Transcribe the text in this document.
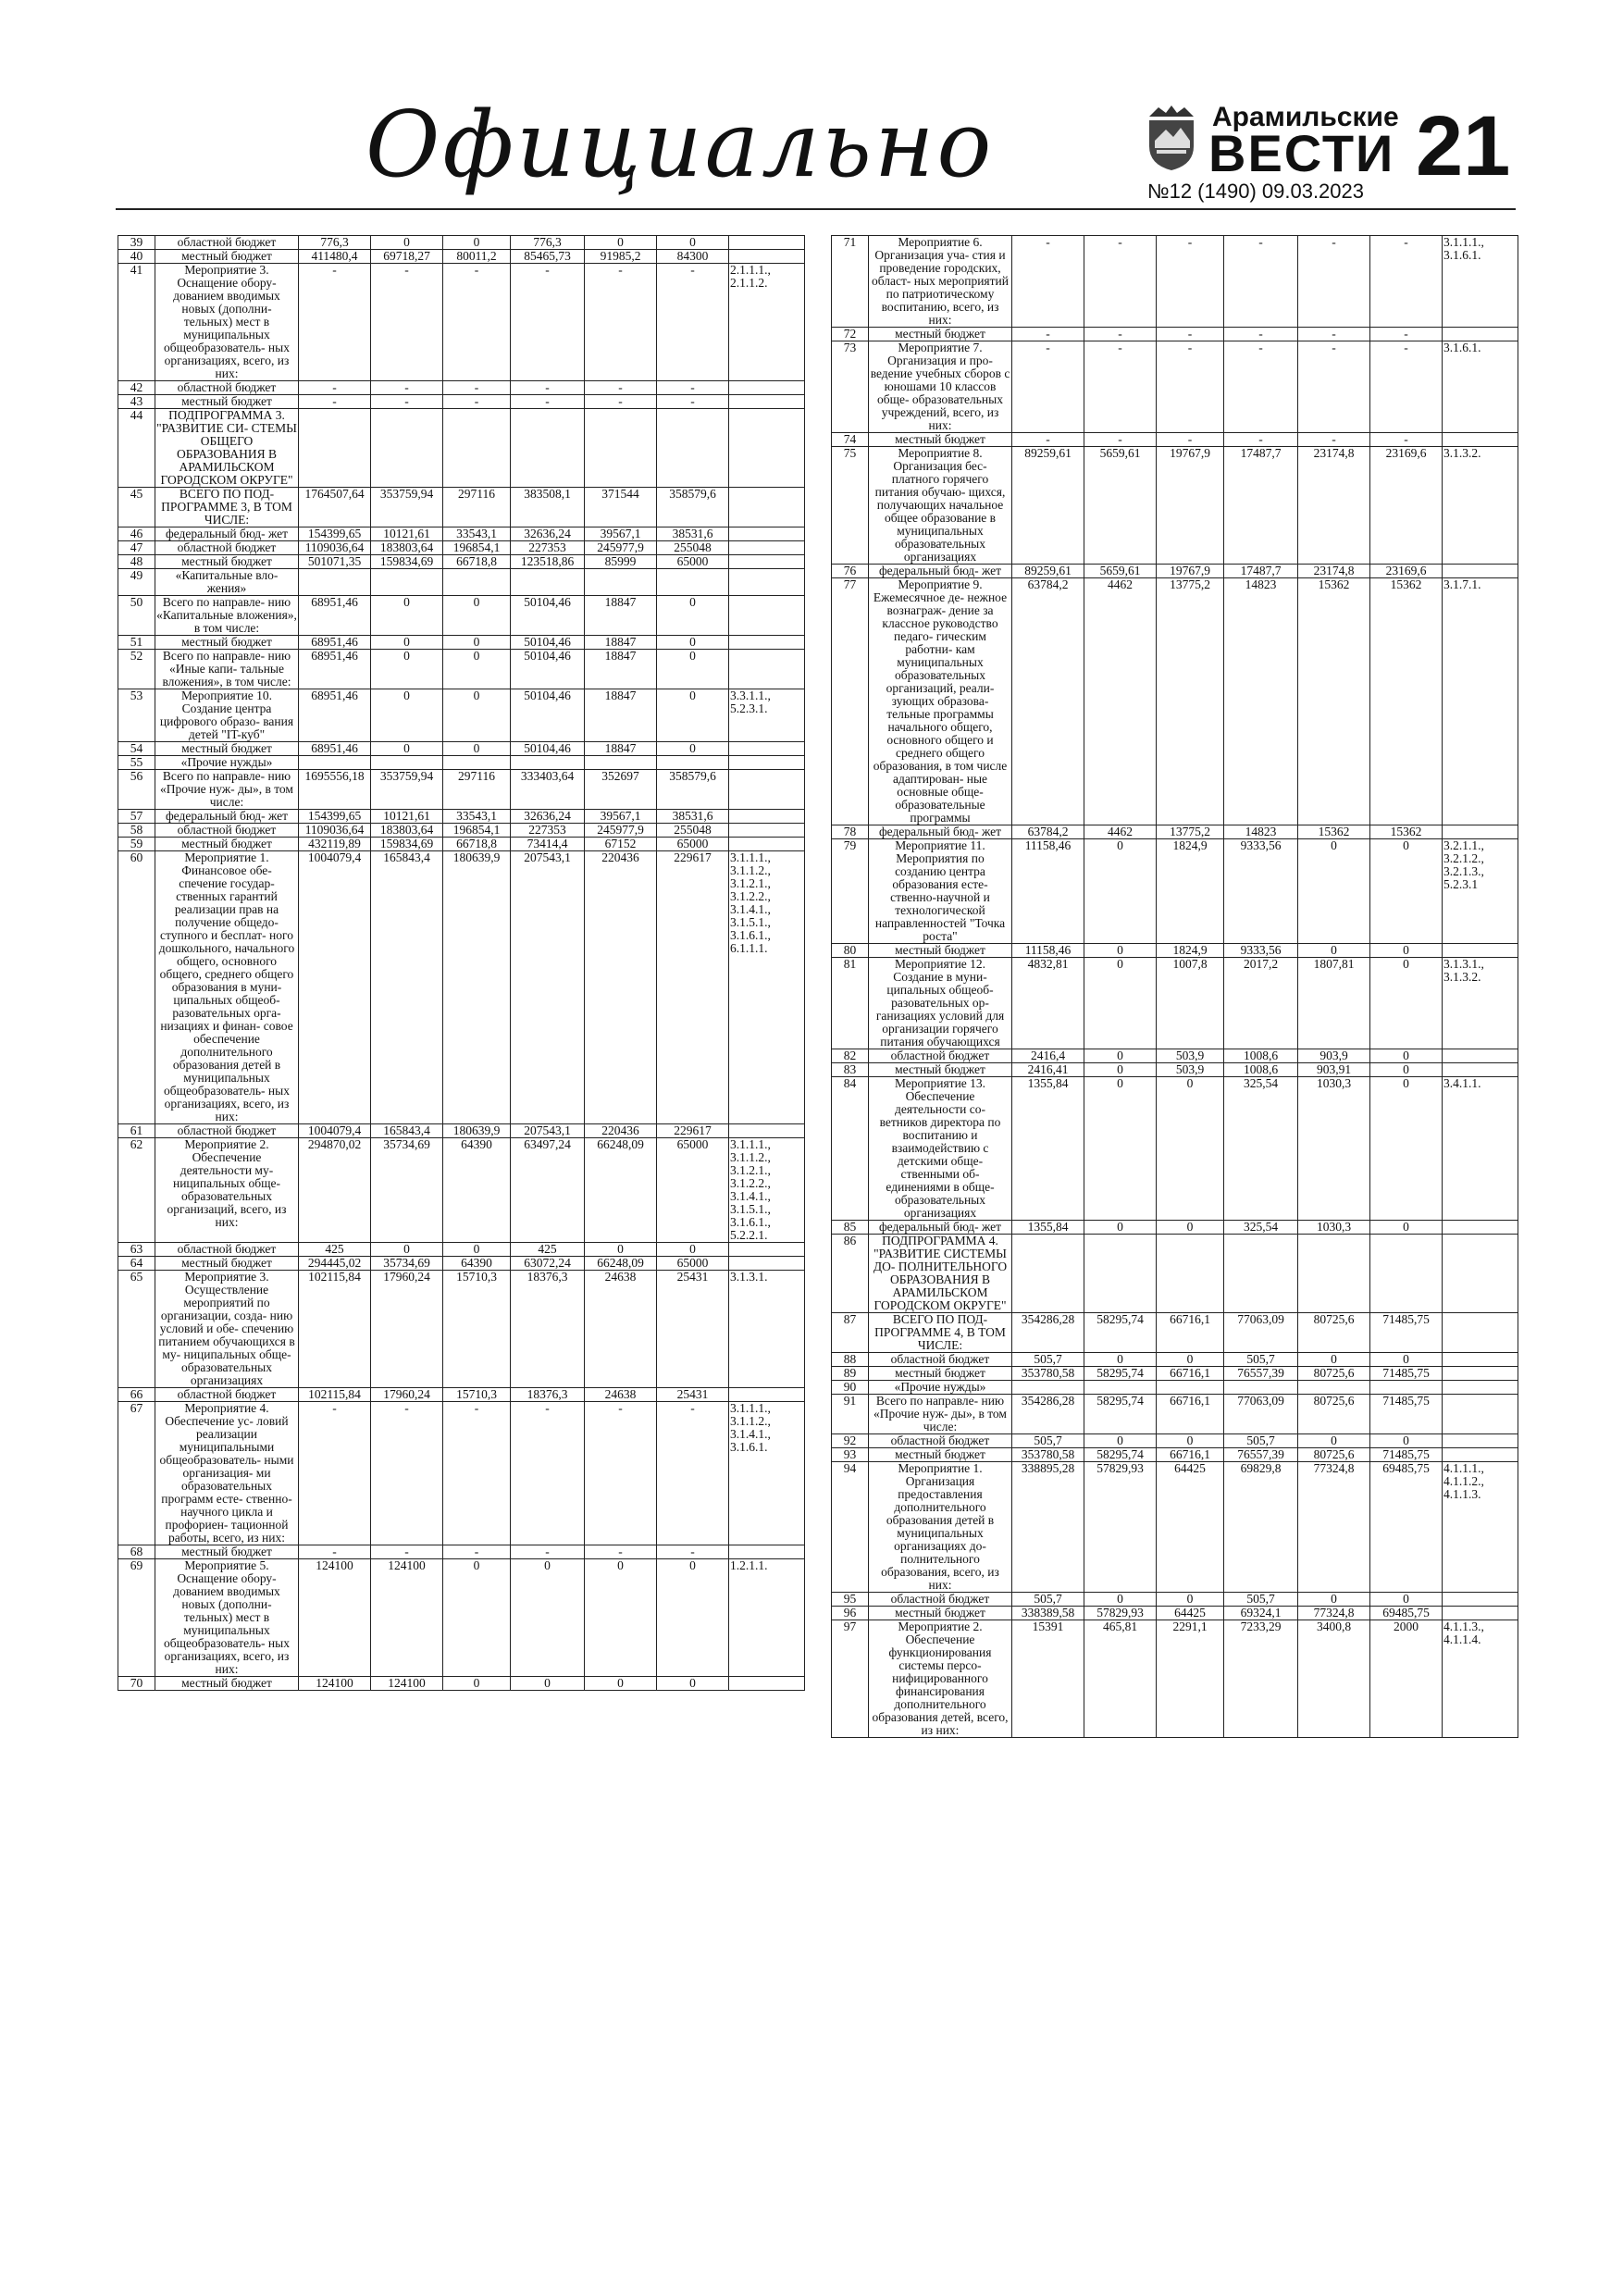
Официально	Арамильские
ВЕСТИ
№12 (1490) 09.03.2023 21
39	областной бюджет	776,3	0	0	776,3	0	0	
40	местный бюджет	411480,4	69718,27	80011,2	85465,73	91985,2	84300	
41	Мероприятие 3. Оснащение обору- дованием вводимых новых (дополни- тельных) мест в муниципальных общеобразователь- ных организациях, всего, из них:	-	-	-	-	-	-	2.1.1.1., 2.1.1.2.
42	областной бюджет	-	-	-	-	-	-	
43	местный бюджет	-	-	-	-	-	-	
44	ПОДПРОГРАММА 3. "РАЗВИТИЕ СИ- СТЕМЫ ОБЩЕГО ОБРАЗОВАНИЯ В АРАМИЛЬСКОМ ГОРОДСКОМ ОКРУГЕ"							
45	ВСЕГО ПО ПОД- ПРОГРАММЕ 3, В ТОМ ЧИСЛЕ:	1764507,64	353759,94	297116	383508,1	371544	358579,6	
46	федеральный бюд- жет	154399,65	10121,61	33543,1	32636,24	39567,1	38531,6	
47	областной бюджет	1109036,64	183803,64	196854,1	227353	245977,9	255048	
48	местный бюджет	501071,35	159834,69	66718,8	123518,86	85999	65000	
49	«Капитальные вло- жения»							
50	Всего по направле- нию «Капитальные вложения», в том числе:	68951,46	0	0	50104,46	18847	0	
51	местный бюджет	68951,46	0	0	50104,46	18847	0	
52	Всего по направле- нию «Иные капи- тальные вложения», в том числе:	68951,46	0	0	50104,46	18847	0	
53	Мероприятие 10. Создание центра цифрового образо- вания детей "IT-куб"	68951,46	0	0	50104,46	18847	0	3.3.1.1., 5.2.3.1.
54	местный бюджет	68951,46	0	0	50104,46	18847	0	
55	«Прочие нужды»							
56	Всего по направле- нию «Прочие нуж- ды», в том числе:	1695556,18	353759,94	297116	333403,64	352697	358579,6	
57	федеральный бюд- жет	154399,65	10121,61	33543,1	32636,24	39567,1	38531,6	
58	областной бюджет	1109036,64	183803,64	196854,1	227353	245977,9	255048	
59	местный бюджет	432119,89	159834,69	66718,8	73414,4	67152	65000	
60	Мероприятие 1. Финансовое обе- спечение государ- ственных гарантий реализации прав на получение общедо- ступного и бесплат- ного дошкольного, начального общего, основного общего, среднего общего образования в муни- ципальных общеоб- разовательных орга- низациях и финан- совое обеспечение дополнительного образования детей в муниципальных общеобразователь- ных организациях, всего, из них:	1004079,4	165843,4	180639,9	207543,1	220436	229617	3.1.1.1., 3.1.1.2., 3.1.2.1., 3.1.2.2., 3.1.4.1., 3.1.5.1., 3.1.6.1., 6.1.1.1.
61	областной бюджет	1004079,4	165843,4	180639,9	207543,1	220436	229617	
62	Мероприятие 2. Обеспечение деятельности му- ниципальных обще- образовательных организаций, всего, из них:	294870,02	35734,69	64390	63497,24	66248,09	65000	3.1.1.1., 3.1.1.2., 3.1.2.1., 3.1.2.2., 3.1.4.1., 3.1.5.1., 3.1.6.1., 5.2.2.1.
63	областной бюджет	425	0	0	425	0	0	
64	местный бюджет	294445,02	35734,69	64390	63072,24	66248,09	65000	
65	Мероприятие 3. Осуществление мероприятий по организации, созда- нию условий и обе- спечению питанием обучающихся в му- ниципальных обще- образовательных организациях	102115,84	17960,24	15710,3	18376,3	24638	25431	3.1.3.1.
66	областной бюджет	102115,84	17960,24	15710,3	18376,3	24638	25431	
67	Мероприятие 4. Обеспечение ус- ловий реализации муниципальными общеобразователь- ными организация- ми образовательных программ есте- ственно-научного цикла и профориен- тационной работы, всего, из них:	-	-	-	-	-	-	3.1.1.1., 3.1.1.2., 3.1.4.1., 3.1.6.1.
68	местный бюджет	-	-	-	-	-	-	
69	Мероприятие 5. Оснащение обору- дованием вводимых новых (дополни- тельных) мест в муниципальных общеобразователь- ных организациях, всего, из них:	124100	124100	0	0	0	0	1.2.1.1.
70	местный бюджет	124100	124100	0	0	0	0	
71	Мероприятие 6. Организация уча- стия и проведение городских, област- ных мероприятий по патриотическому воспитанию, всего, из них:	-	-	-	-	-	-	3.1.1.1., 3.1.6.1.
72	местный бюджет	-	-	-	-	-	-	
73	Мероприятие 7. Организация и про- ведение учебных сборов с юношами 10 классов обще- образовательных учреждений, всего, из них:	-	-	-	-	-	-	3.1.6.1.
74	местный бюджет	-	-	-	-	-	-	
75	Мероприятие 8. Организация бес- платного горячего питания обучаю- щихся, получающих начальное общее образование в муниципальных образовательных организациях	89259,61	5659,61	19767,9	17487,7	23174,8	23169,6	3.1.3.2.
76	федеральный бюд- жет	89259,61	5659,61	19767,9	17487,7	23174,8	23169,6	
77	Мероприятие 9. Ежемесячное де- нежное вознаграж- дение за классное руководство педаго- гическим работни- кам муниципальных образовательных организаций, реали- зующих образова- тельные программы начального общего, основного общего и среднего общего образования, в том числе адаптирован- ные основные обще- образовательные программы	63784,2	4462	13775,2	14823	15362	15362	3.1.7.1.
78	федеральный бюд- жет	63784,2	4462	13775,2	14823	15362	15362	
79	Мероприятие 11. Мероприятия по созданию центра образования есте- ственно-научной и технологической направленностей "Точка роста"	11158,46	0	1824,9	9333,56	0	0	3.2.1.1., 3.2.1.2., 3.2.1.3., 5.2.3.1
80	местный бюджет	11158,46	0	1824,9	9333,56	0	0	
81	Мероприятие 12. Создание в муни- ципальных общеоб- разовательных ор- ганизациях условий для организации горячего питания обучающихся	4832,81	0	1007,8	2017,2	1807,81	0	3.1.3.1., 3.1.3.2.
82	областной бюджет	2416,4	0	503,9	1008,6	903,9	0	
83	местный бюджет	2416,41	0	503,9	1008,6	903,91	0	
84	Мероприятие 13. Обеспечение деятельности со- ветников директора по воспитанию и взаимодействию с детскими обще- ственными об- единениями в обще- образовательных организациях	1355,84	0	0	325,54	1030,3	0	3.4.1.1.
85	федеральный бюд- жет	1355,84	0	0	325,54	1030,3	0	
86	ПОДПРОГРАММА 4. "РАЗВИТИЕ СИСТЕМЫ ДО- ПОЛНИТЕЛЬНОГО ОБРАЗОВАНИЯ В АРАМИЛЬСКОМ ГОРОДСКОМ ОКРУГЕ"							
87	ВСЕГО ПО ПОД- ПРОГРАММЕ 4, В ТОМ ЧИСЛЕ:	354286,28	58295,74	66716,1	77063,09	80725,6	71485,75	
88	областной бюджет	505,7	0	0	505,7	0	0	
89	местный бюджет	353780,58	58295,74	66716,1	76557,39	80725,6	71485,75	
90	«Прочие нужды»							
91	Всего по направле- нию «Прочие нуж- ды», в том числе:	354286,28	58295,74	66716,1	77063,09	80725,6	71485,75	
92	областной бюджет	505,7	0	0	505,7	0	0	
93	местный бюджет	353780,58	58295,74	66716,1	76557,39	80725,6	71485,75	
94	Мероприятие 1. Организация предоставления дополнительного образования детей в муниципальных организациях до- полнительного образования, всего, из них:	338895,28	57829,93	64425	69829,8	77324,8	69485,75	4.1.1.1., 4.1.1.2., 4.1.1.3.
95	областной бюджет	505,7	0	0	505,7	0	0	
96	местный бюджет	338389,58	57829,93	64425	69324,1	77324,8	69485,75	
97	Мероприятие 2. Обеспечение функционирования системы персо- нифицированного финансирования дополнительного образования детей, всего, из них:	15391	465,81	2291,1	7233,29	3400,8	2000	4.1.1.3., 4.1.1.4.
